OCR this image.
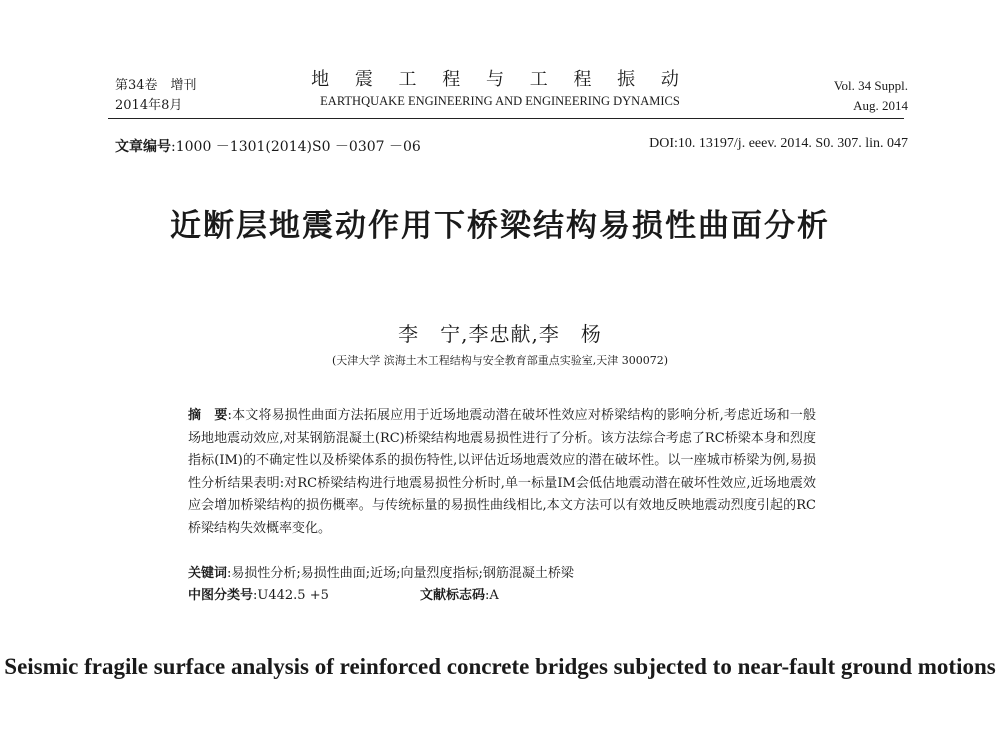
第34卷　增刊
2014年8月
地 震 工 程 与 工 程 振 动
EARTHQUAKE ENGINEERING AND ENGINEERING DYNAMICS
Vol. 34 Suppl.
Aug. 2014
文章编号:1000 －1301(2014)S0 －0307 －06	DOI:10. 13197/j. eeev. 2014. S0. 307. lin. 047
近断层地震动作用下桥梁结构易损性曲面分析
李　宁,李忠献,李　杨
(天津大学 滨海土木工程结构与安全教育部重点实验室,天津 300072)
摘　要:本文将易损性曲面方法拓展应用于近场地震动潜在破坏性效应对桥梁结构的影响分析,考虑近场和一般场地地震动效应,对某钢筋混凝土(RC)桥梁结构地震易损性进行了分析。该方法综合考虑了RC桥梁本身和烈度指标(IM)的不确定性以及桥梁体系的损伤特性,以评估近场地震效应的潜在破坏性。以一座城市桥梁为例,易损性分析结果表明:对RC桥梁结构进行地震易损性分析时,单一标量IM会低估地震动潜在破坏性效应,近场地震效应会增加桥梁结构的损伤概率。与传统标量的易损性曲线相比,本文方法可以有效地反映地震动烈度引起的RC桥梁结构失效概率变化。
关键词:易损性分析;易损性曲面;近场;向量烈度指标;钢筋混凝土桥梁
中图分类号:U442.5 +5	文献标志码:A
Seismic fragile surface analysis of reinforced concrete bridges subjected to near-fault ground motions
